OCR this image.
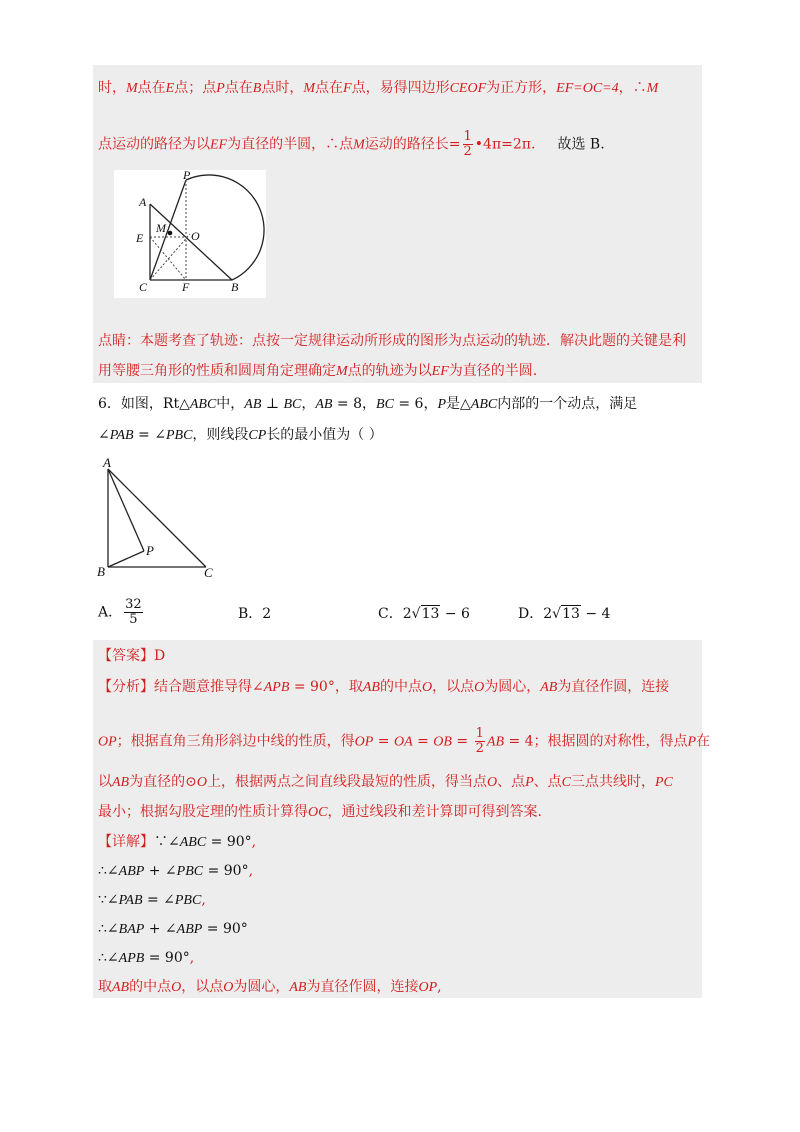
时，M点在E点；点P点在B点时，M点在F点，易得四边形CEOF为正方形，EF=OC=4，∴M
点运动的路径为以EF为直径的半圆，∴点M运动的路径长= $\frac{1}{2}$ •4π=2π. 故选 B.
A
P
M
O
E
C	F	B
点睛：本题考查了轨迹：点按一定规律运动所形成的图形为点运动的轨迹．解决此题的关键是利
用等腰三角形的性质和圆周角定理确定M点的轨迹为以EF为直径的半圆.
6．如图，Rt△ABC中，AB ⊥ BC，AB = 8，BC = 6，P是△ABC内部的一个动点，满足
∠PAB = ∠PBC，则线段CP长的最小值为（ ）
A
B	C
P
A． $\frac{32}{5}$	B．2	C．2√13 − 6	D．2√13 − 4
【答案】D
【分析】结合题意推导得∠APB = 90°，取AB的中点O，以点O为圆心，AB为直径作圆，连接
OP；根据直角三角形斜边中线的性质，得OP = OA = OB = $\frac{1}{2}$ AB = 4；根据圆的对称性，得点P在
以AB为直径的⊙O上，根据两点之间直线段最短的性质，得当点O、点P、点C三点共线时，PC
最小；根据勾股定理的性质计算得OC，通过线段和差计算即可得到答案.
【详解】∵∠ABC = 90°,
∴∠ABP + ∠PBC = 90°,
∵∠PAB = ∠PBC,
∴∠BAP + ∠ABP = 90°
∴∠APB = 90°,
取AB的中点O，以点O为圆心，AB为直径作圆，连接OP,
